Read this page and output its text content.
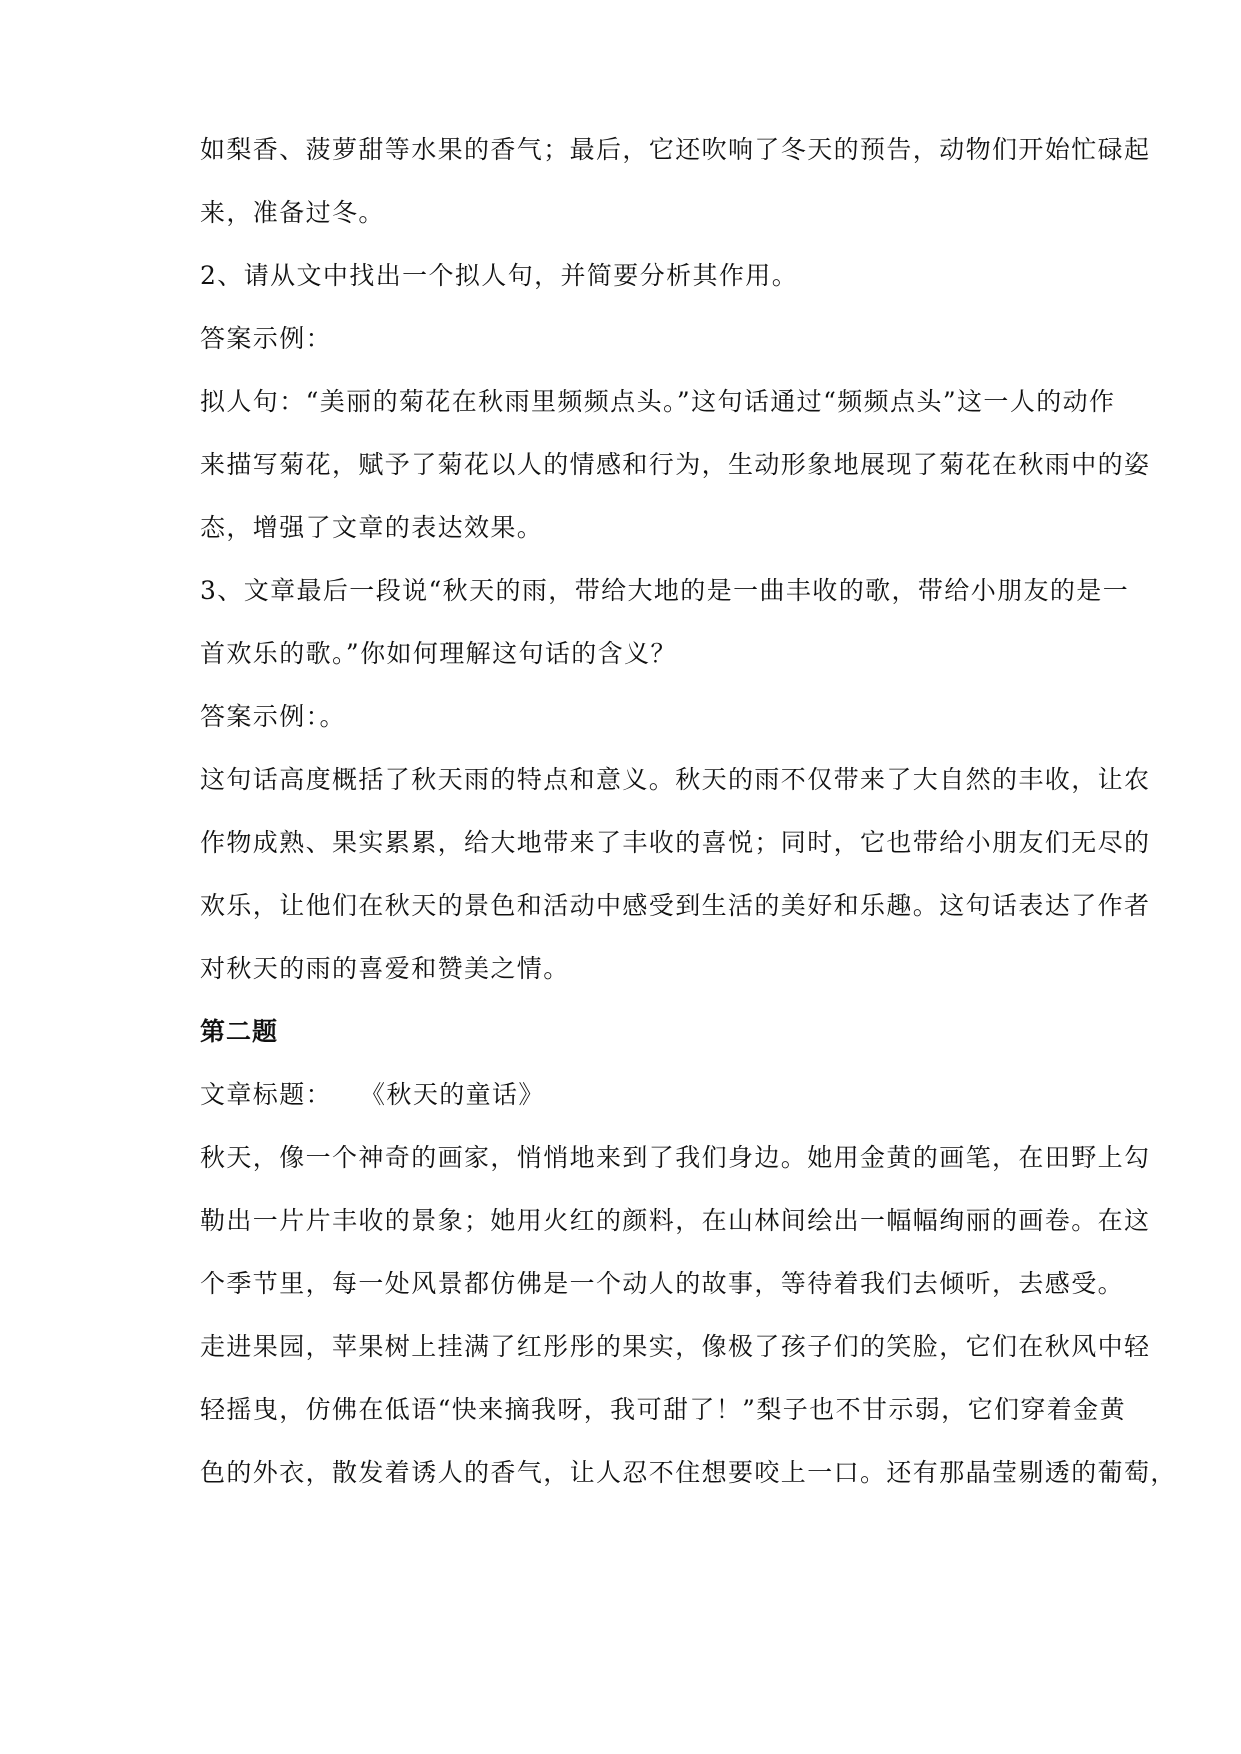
如梨香、菠萝甜等水果的香气；最后，它还吹响了冬天的预告，动物们开始忙碌起
来，准备过冬。
2、请从文中找出一个拟人句，并简要分析其作用。
答案示例：
拟人句：“美丽的菊花在秋雨里频频点头。”这句话通过“频频点头”这一人的动作
来描写菊花，赋予了菊花以人的情感和行为，生动形象地展现了菊花在秋雨中的姿
态，增强了文章的表达效果。
3、文章最后一段说“秋天的雨，带给大地的是一曲丰收的歌，带给小朋友的是一
首欢乐的歌。”你如何理解这句话的含义？
答案示例：。
这句话高度概括了秋天雨的特点和意义。秋天的雨不仅带来了大自然的丰收，让农
作物成熟、果实累累，给大地带来了丰收的喜悦；同时，它也带给小朋友们无尽的
欢乐，让他们在秋天的景色和活动中感受到生活的美好和乐趣。这句话表达了作者
对秋天的雨的喜爱和赞美之情。
第二题
文章标题： 《秋天的童话》
秋天，像一个神奇的画家，悄悄地来到了我们身边。她用金黄的画笔，在田野上勾
勒出一片片丰收的景象；她用火红的颜料，在山林间绘出一幅幅绚丽的画卷。在这
个季节里，每一处风景都仿佛是一个动人的故事，等待着我们去倾听，去感受。
走进果园，苹果树上挂满了红彤彤的果实，像极了孩子们的笑脸，它们在秋风中轻
轻摇曳，仿佛在低语“快来摘我呀，我可甜了！”梨子也不甘示弱，它们穿着金黄
色的外衣，散发着诱人的香气，让人忍不住想要咬上一口。还有那晶莹剔透的葡萄，
